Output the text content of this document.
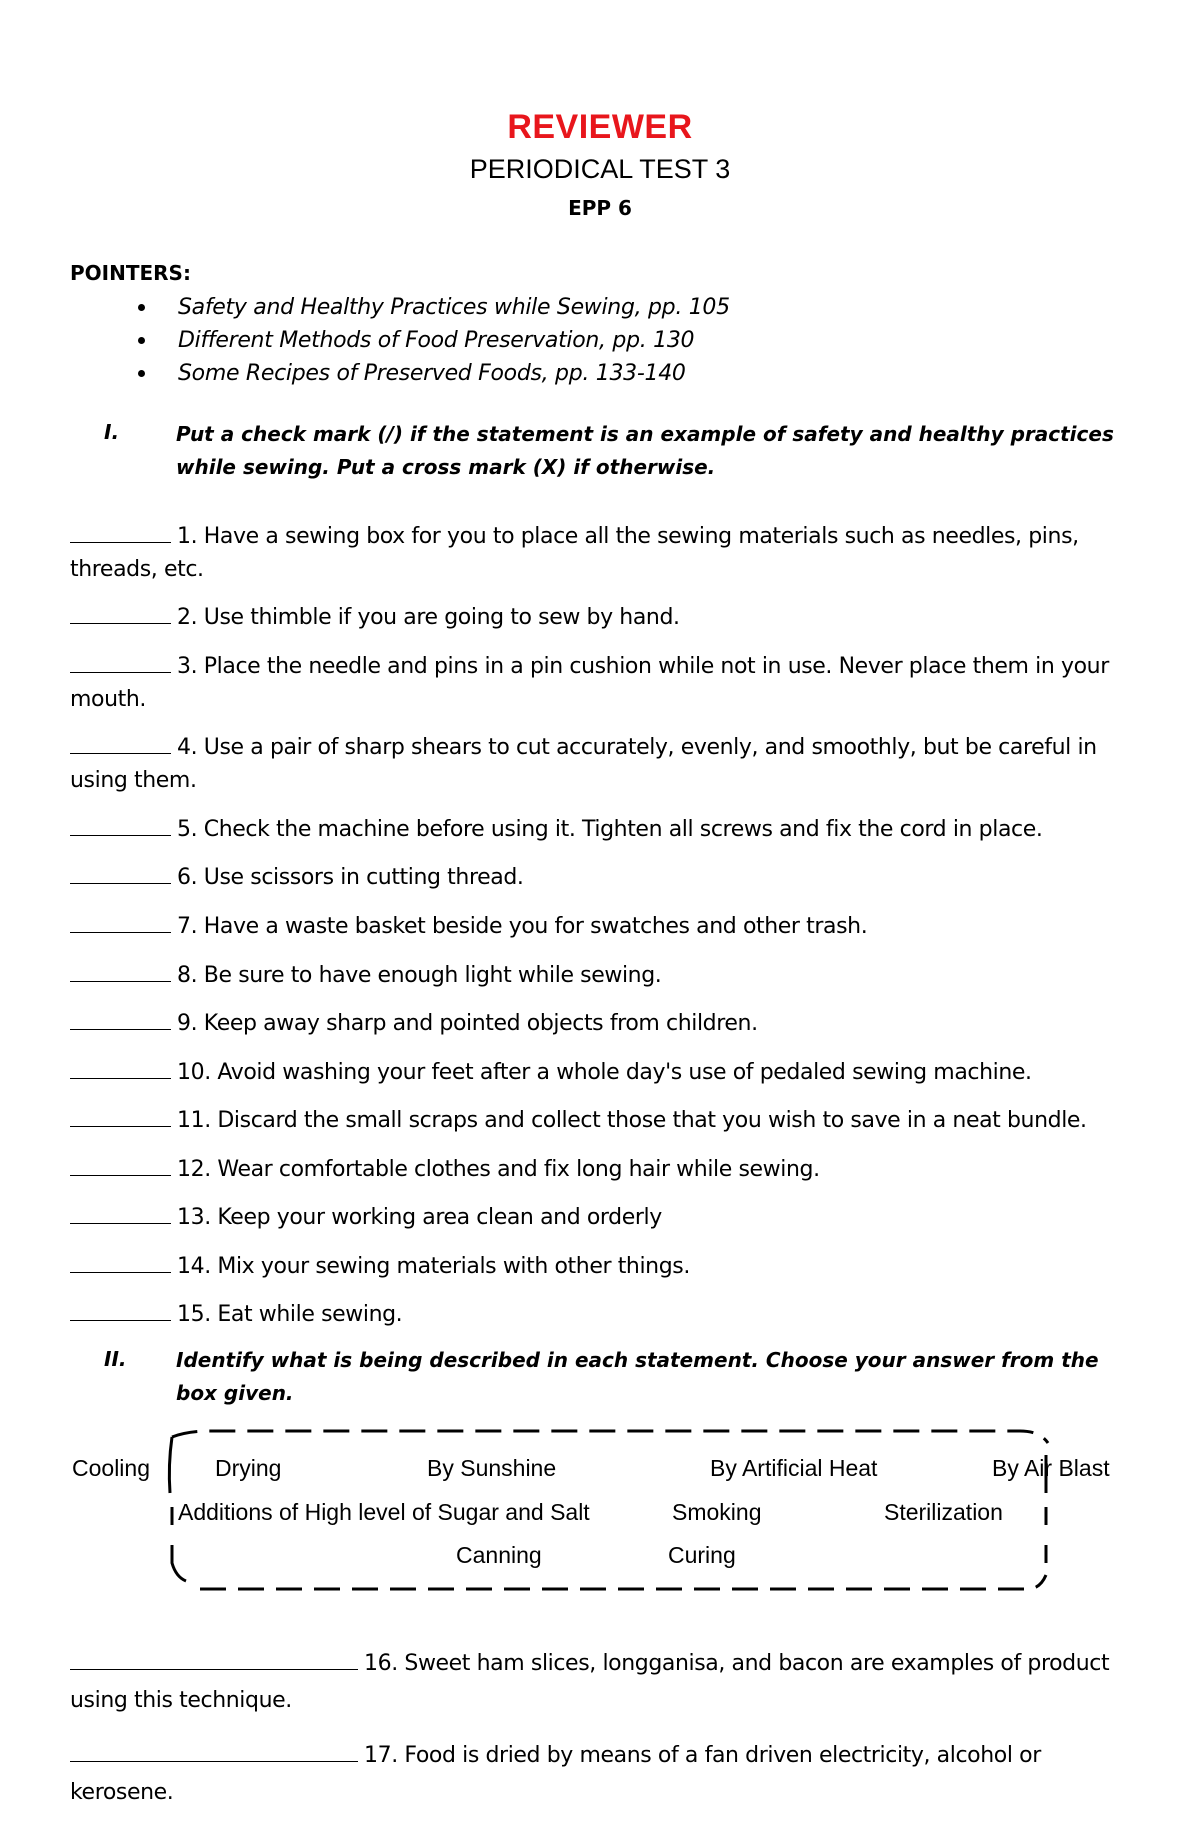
REVIEWER
PERIODICAL TEST 3
EPP 6
POINTERS:
Safety and Healthy Practices while Sewing, pp. 105
Different Methods of Food Preservation, pp. 130
Some Recipes of Preserved Foods, pp. 133-140
I.	Put a check mark (/) if the statement is an example of safety and healthy practices while sewing. Put a cross mark (X) if otherwise.
1. Have a sewing box for you to place all the sewing materials such as needles, pins, threads, etc.
2. Use thimble if you are going to sew by hand.
3. Place the needle and pins in a pin cushion while not in use. Never place them in your mouth.
4. Use a pair of sharp shears to cut accurately, evenly, and smoothly, but be careful in using them.
5. Check the machine before using it. Tighten all screws and fix the cord in place.
6. Use scissors in cutting thread.
7. Have a waste basket beside you for swatches and other trash.
8. Be sure to have enough light while sewing.
9. Keep away sharp and pointed objects from children.
10. Avoid washing your feet after a whole day's use of pedaled sewing machine.
11. Discard the small scraps and collect those that you wish to save in a neat bundle.
12. Wear comfortable clothes and fix long hair while sewing.
13. Keep your working area clean and orderly
14. Mix your sewing materials with other things.
15. Eat while sewing.
II. Identify what is being described in each statement. Choose your answer from the box given.
Cooling	Drying	By Sunshine	By Artificial Heat	By Air Blast
Additions of High level of Sugar and Salt	Smoking	Sterilization
Canning	Curing
16. Sweet ham slices, longganisa, and bacon are examples of product using this technique.
17. Food is dried by means of a fan driven electricity, alcohol or kerosene.
